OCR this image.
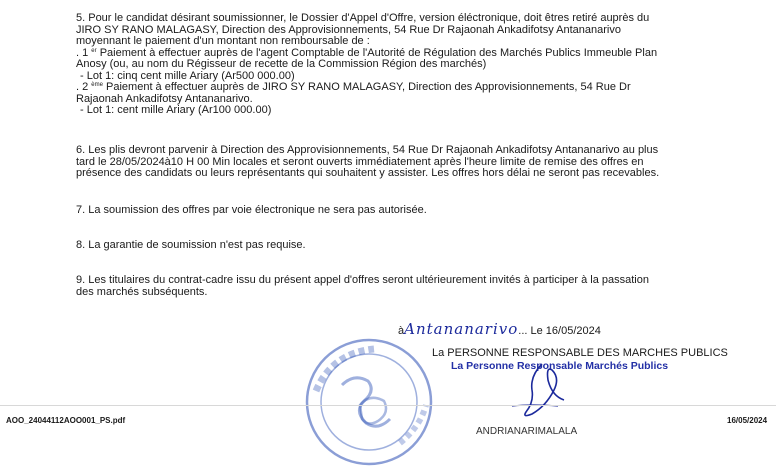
5. Pour le candidat désirant soumissionner, le Dossier d'Appel d'Offre, version éléctronique, doit êtres retiré auprès du
JIRO SY RANO MALAGASY, Direction des Approvisionnements, 54 Rue Dr Rajaonah Ankadifotsy Antananarivo
moyennant le paiement d'un montant non remboursable de :
. 1 $^{er}$ Paiement à effectuer auprès de l'agent Comptable de l'Autorité de Régulation des Marchés Publics Immeuble Plan
Anosy (ou, au nom du Régisseur de recette de la Commission Région des marchés)
- Lot 1: cinq cent mille Ariary (Ar500 000.00)
. 2 $^{ème}$ Paiement à effectuer auprès de JIRO SY RANO MALAGASY, Direction des Approvisionnements, 54 Rue Dr
Rajaonah Ankadifotsy Antananarivo.
- Lot 1: cent mille Ariary (Ar100 000.00)
6. Les plis devront parvenir à Direction des Approvisionnements, 54 Rue Dr Rajaonah Ankadifotsy Antananarivo au plus
tard le 28/05/2024à10 H 00 Min locales et seront ouverts immédiatement après l'heure limite de remise des offres en
présence des candidats ou leurs représentants qui souhaitent y assister. Les offres hors délai ne seront pas recevables.
7. La soumission des offres par voie électronique ne sera pas autorisée.
8. La garantie de soumission n'est pas requise.
9. Les titulaires du contrat-cadre issu du présent appel d'offres seront ultérieurement invités à participer à la passation
des marchés subséquents.
àAntananarivo... Le 16/05/2024
La PERSONNE RESPONSABLE DES MARCHES PUBLICS
La Personne Responsable Marchés Publics
AOO_24044112AOO001_PS.pdf	16/05/2024
ANDRIANARIMALALA
